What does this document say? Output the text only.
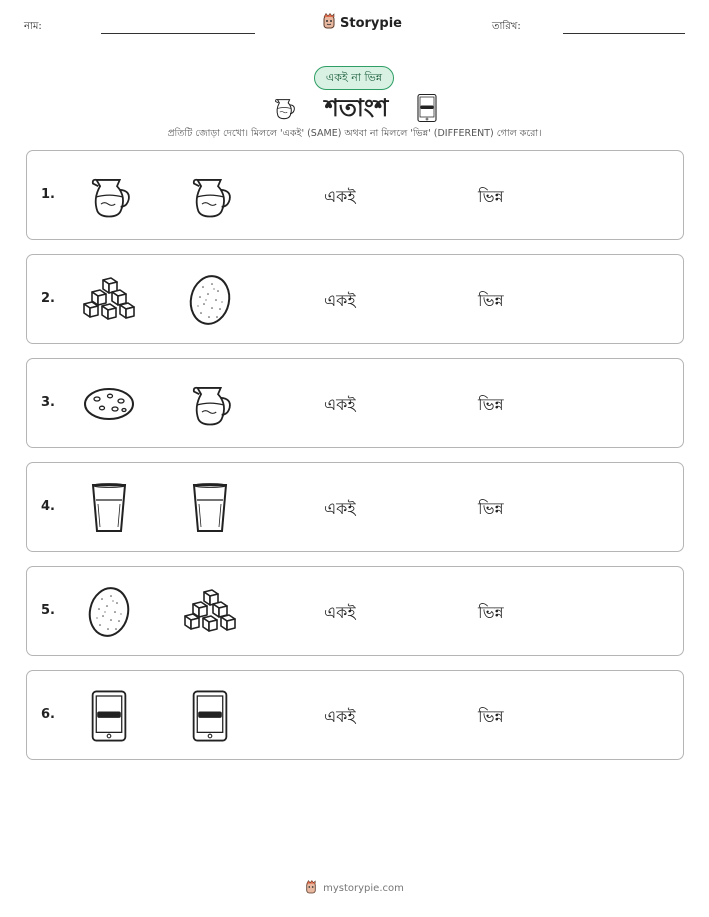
নাম:	Storypie	তারিখ:
একই না ভিন্ন
শতাংশ
প্রতিটি জোড়া দেখো। মিললে 'একই' (SAME) অথবা না মিললে 'ভিন্ন' (DIFFERENT) গোল করো।
1.	একই	ভিন্ন
2.	একই	ভিন্ন
3.	একই	ভিন্ন
4.	একই	ভিন্ন
5.	একই	ভিন্ন
6.	একই	ভিন্ন
mystorypie.com
